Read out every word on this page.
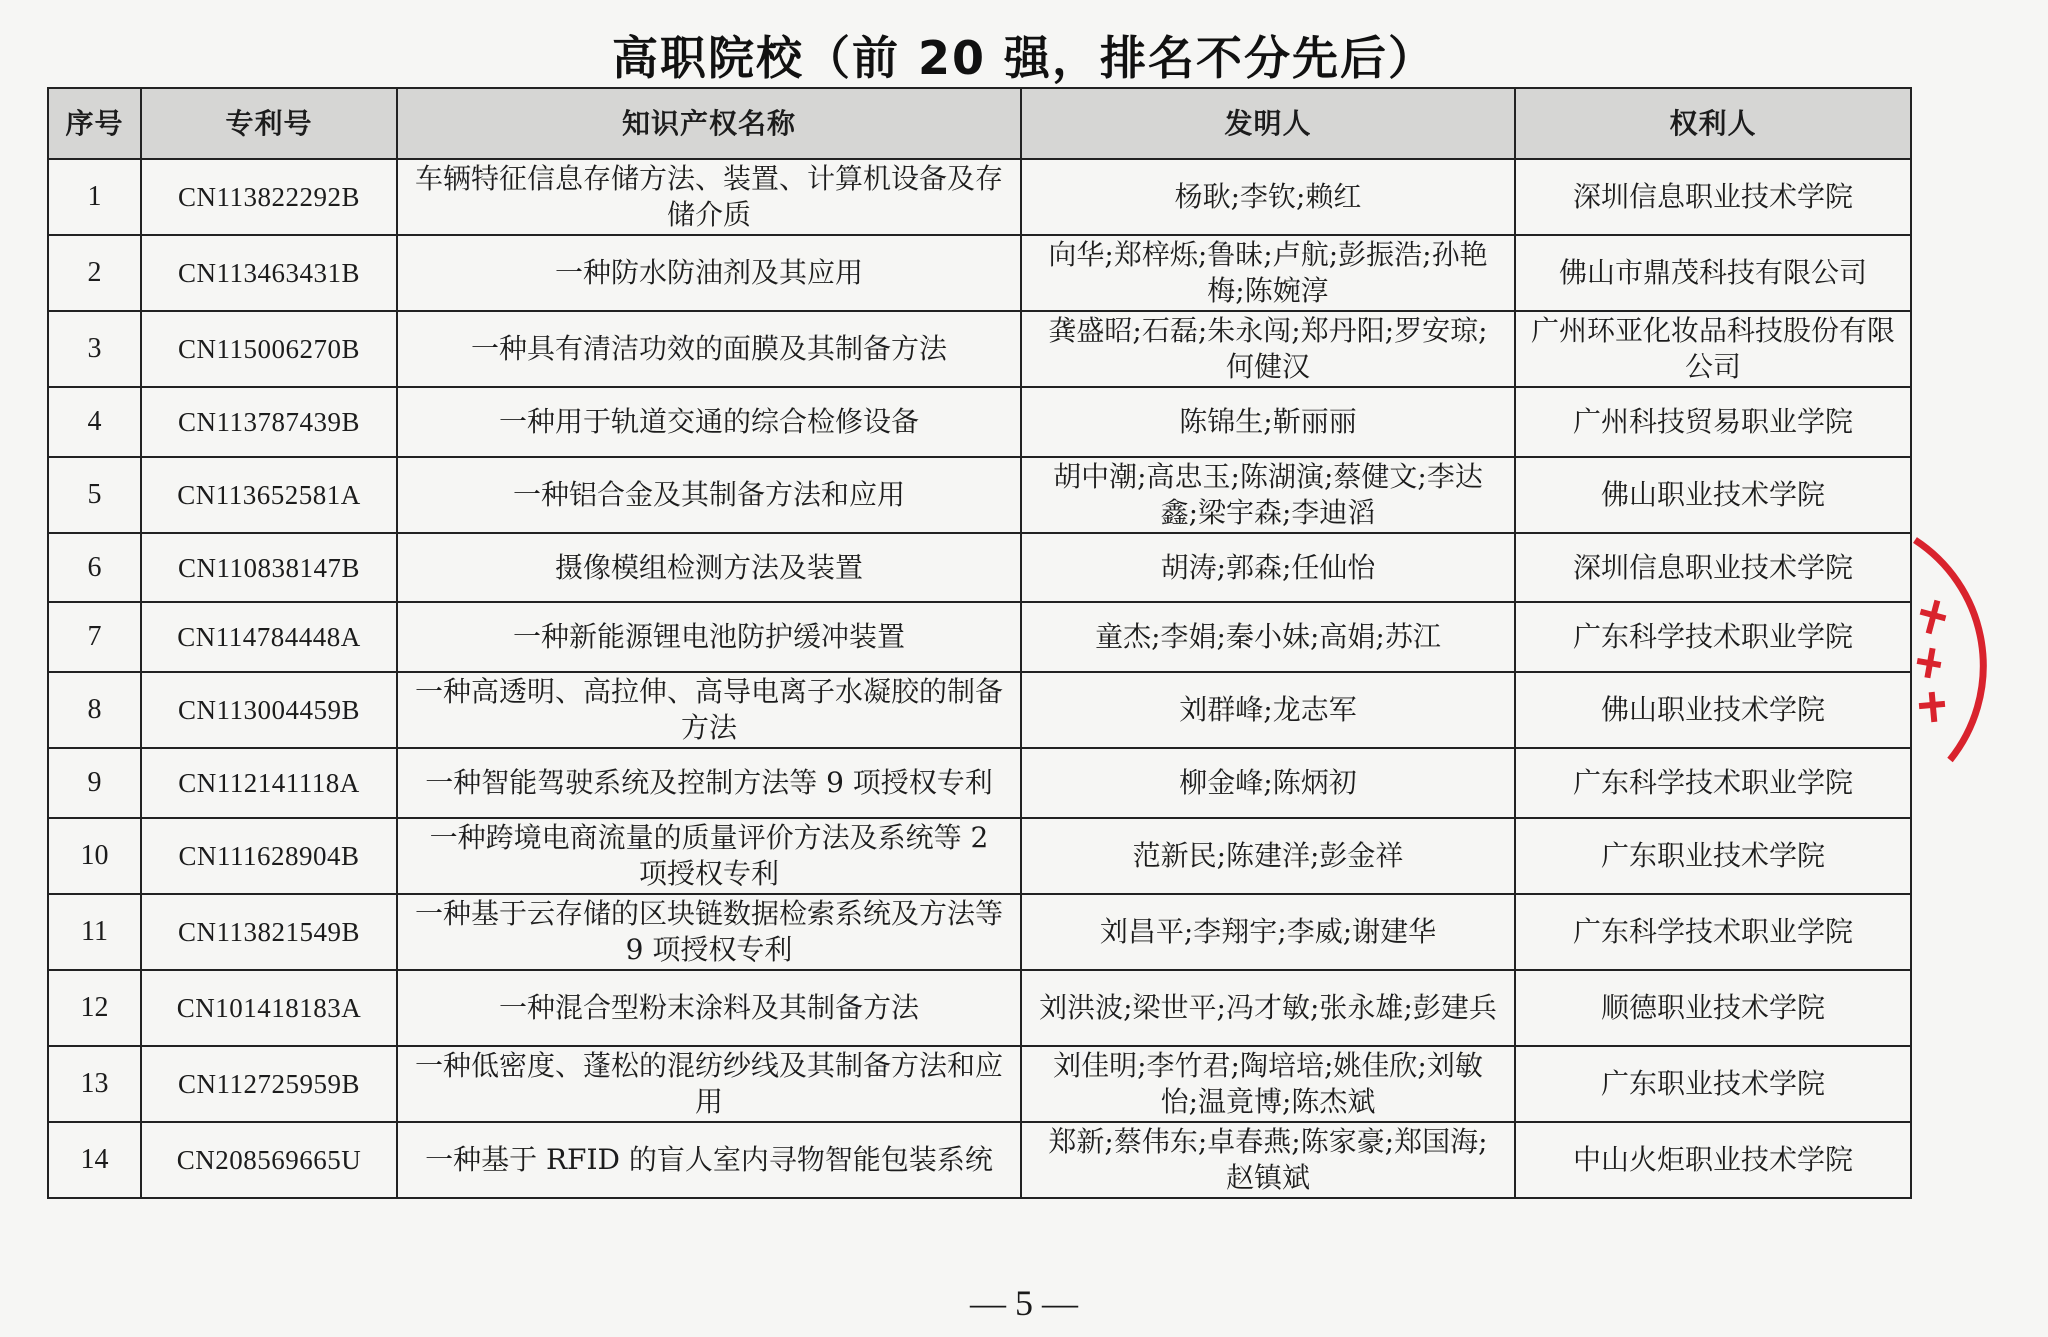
高职院校（前 20 强，排名不分先后）
序号	专利号	知识产权名称	发明人	权利人
1	CN113822292B	车辆特征信息存储方法、装置、计算机设备及存储介质	杨耿;李钦;赖红	深圳信息职业技术学院
2	CN113463431B	一种防水防油剂及其应用	向华;郑梓烁;鲁昧;卢航;彭振浩;孙艳梅;陈婉淳	佛山市鼎茂科技有限公司
3	CN115006270B	一种具有清洁功效的面膜及其制备方法	龚盛昭;石磊;朱永闯;郑丹阳;罗安琼;何健汉	广州环亚化妆品科技股份有限公司
4	CN113787439B	一种用于轨道交通的综合检修设备	陈锦生;靳丽丽	广州科技贸易职业学院
5	CN113652581A	一种铝合金及其制备方法和应用	胡中潮;高忠玉;陈湖演;蔡健文;李达鑫;梁宇森;李迪滔	佛山职业技术学院
6	CN110838147B	摄像模组检测方法及装置	胡涛;郭森;任仙怡	深圳信息职业技术学院
7	CN114784448A	一种新能源锂电池防护缓冲装置	童杰;李娟;秦小妹;高娟;苏江	广东科学技术职业学院
8	CN113004459B	一种高透明、高拉伸、高导电离子水凝胶的制备方法	刘群峰;龙志军	佛山职业技术学院
9	CN112141118A	一种智能驾驶系统及控制方法等 9 项授权专利	柳金峰;陈炳初	广东科学技术职业学院
10	CN111628904B	一种跨境电商流量的质量评价方法及系统等 2 项授权专利	范新民;陈建洋;彭金祥	广东职业技术学院
11	CN113821549B	一种基于云存储的区块链数据检索系统及方法等 9 项授权专利	刘昌平;李翔宇;李威;谢建华	广东科学技术职业学院
12	CN101418183A	一种混合型粉末涂料及其制备方法	刘洪波;梁世平;冯才敏;张永雄;彭建兵	顺德职业技术学院
13	CN112725959B	一种低密度、蓬松的混纺纱线及其制备方法和应用	刘佳明;李竹君;陶培培;姚佳欣;刘敏怡;温竟博;陈杰斌	广东职业技术学院
14	CN208569665U	一种基于 RFID 的盲人室内寻物智能包装系统	郑新;蔡伟东;卓春燕;陈家豪;郑国海;赵镇斌	中山火炬职业技术学院
— 5 —
